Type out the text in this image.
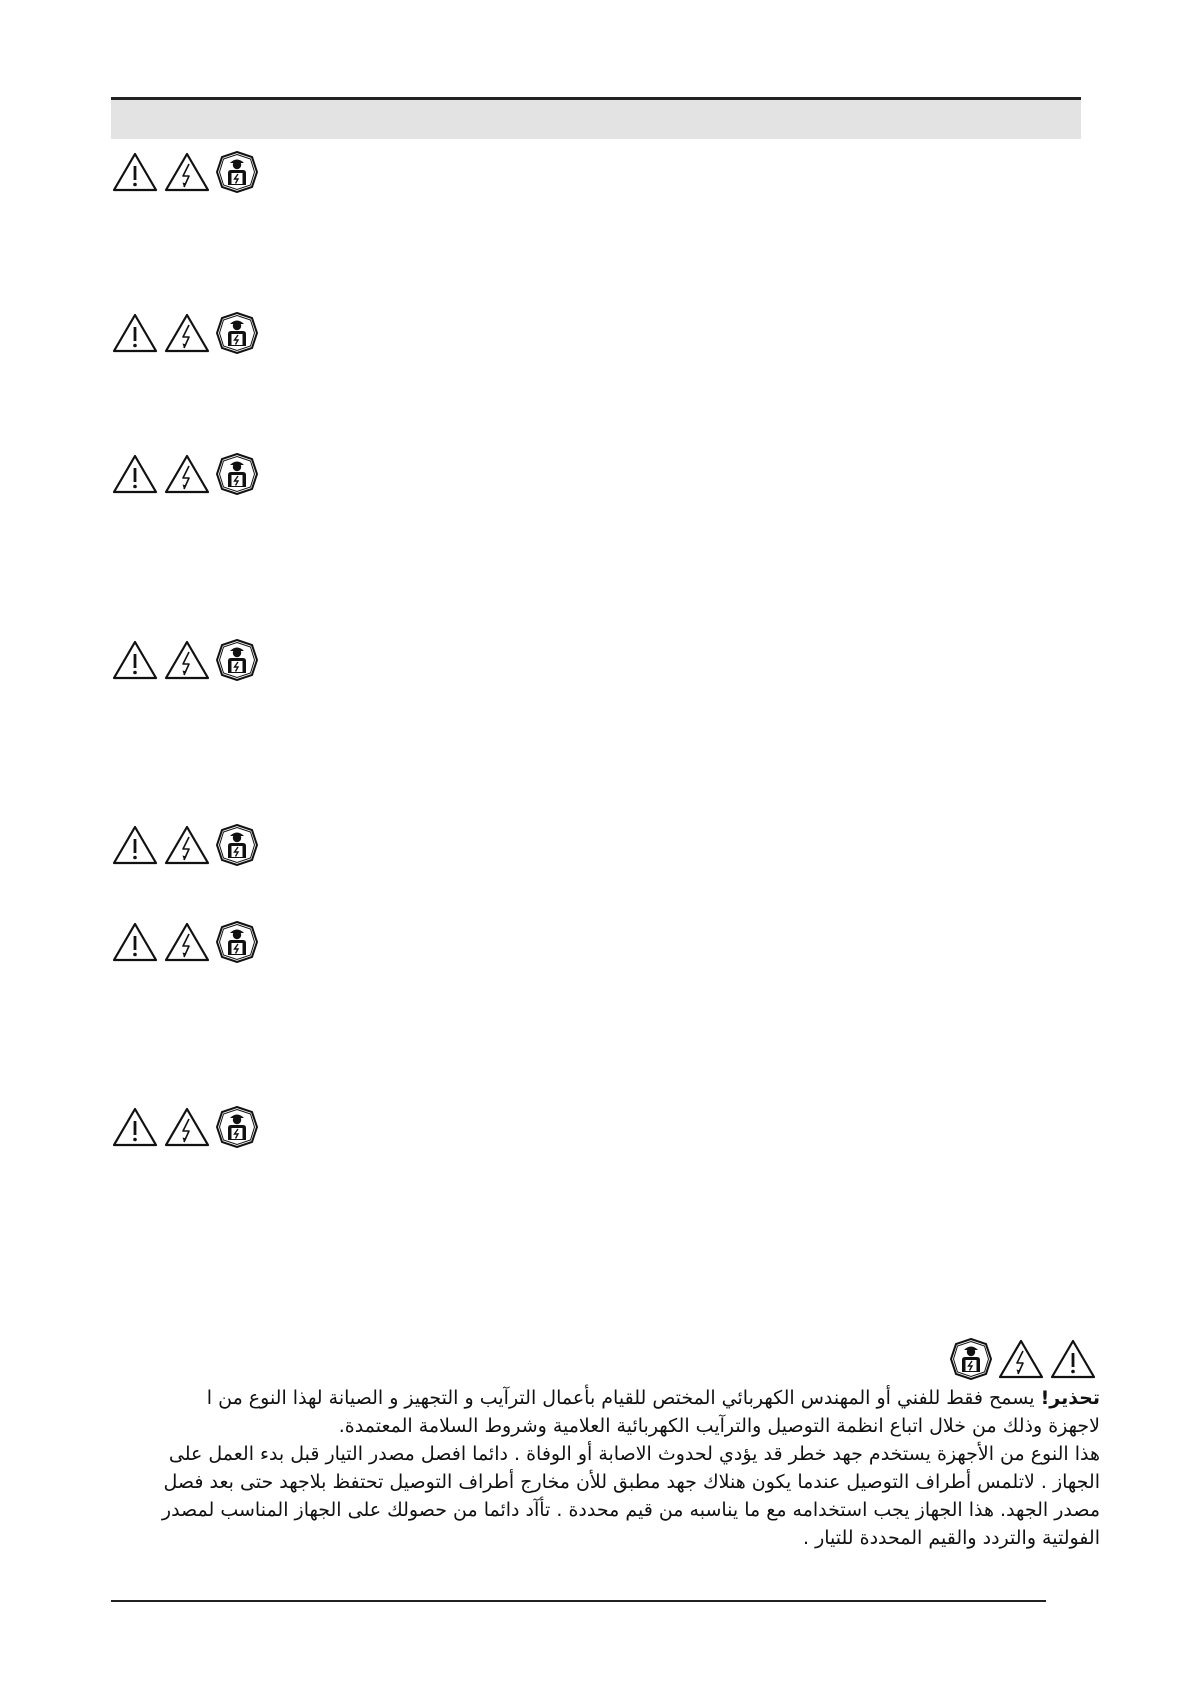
تحذير! يسمح فقط للفني أو المهندس الكهربائي المختص للقيام بأعمال الترآيب و التجهيز و الصيانة لهذا النوع من ا لاجهزة وذلك من خلال اتباع انظمة التوصيل والترآيب الكهربائية العلامية وشروط السلامة المعتمدة.

هذا النوع من الأجهزة يستخدم جهد خطر قد يؤدي لحدوث الاصابة أو الوفاة . دائما افصل مصدر التيار قبل بدء العمل على الجهاز . لاتلمس أطراف التوصيل عندما يكون هنلاك جهد مطبق للأن مخارج أطراف التوصيل تحتفظ بلاجهد حتى بعد فصل مصدر الجهد. هذا الجهاز يجب استخدامه مع ما يناسبه من قيم محددة . تأآد دائما من حصولك على الجهاز المناسب لمصدر الفولتية والتردد والقيم المحددة للتيار .
